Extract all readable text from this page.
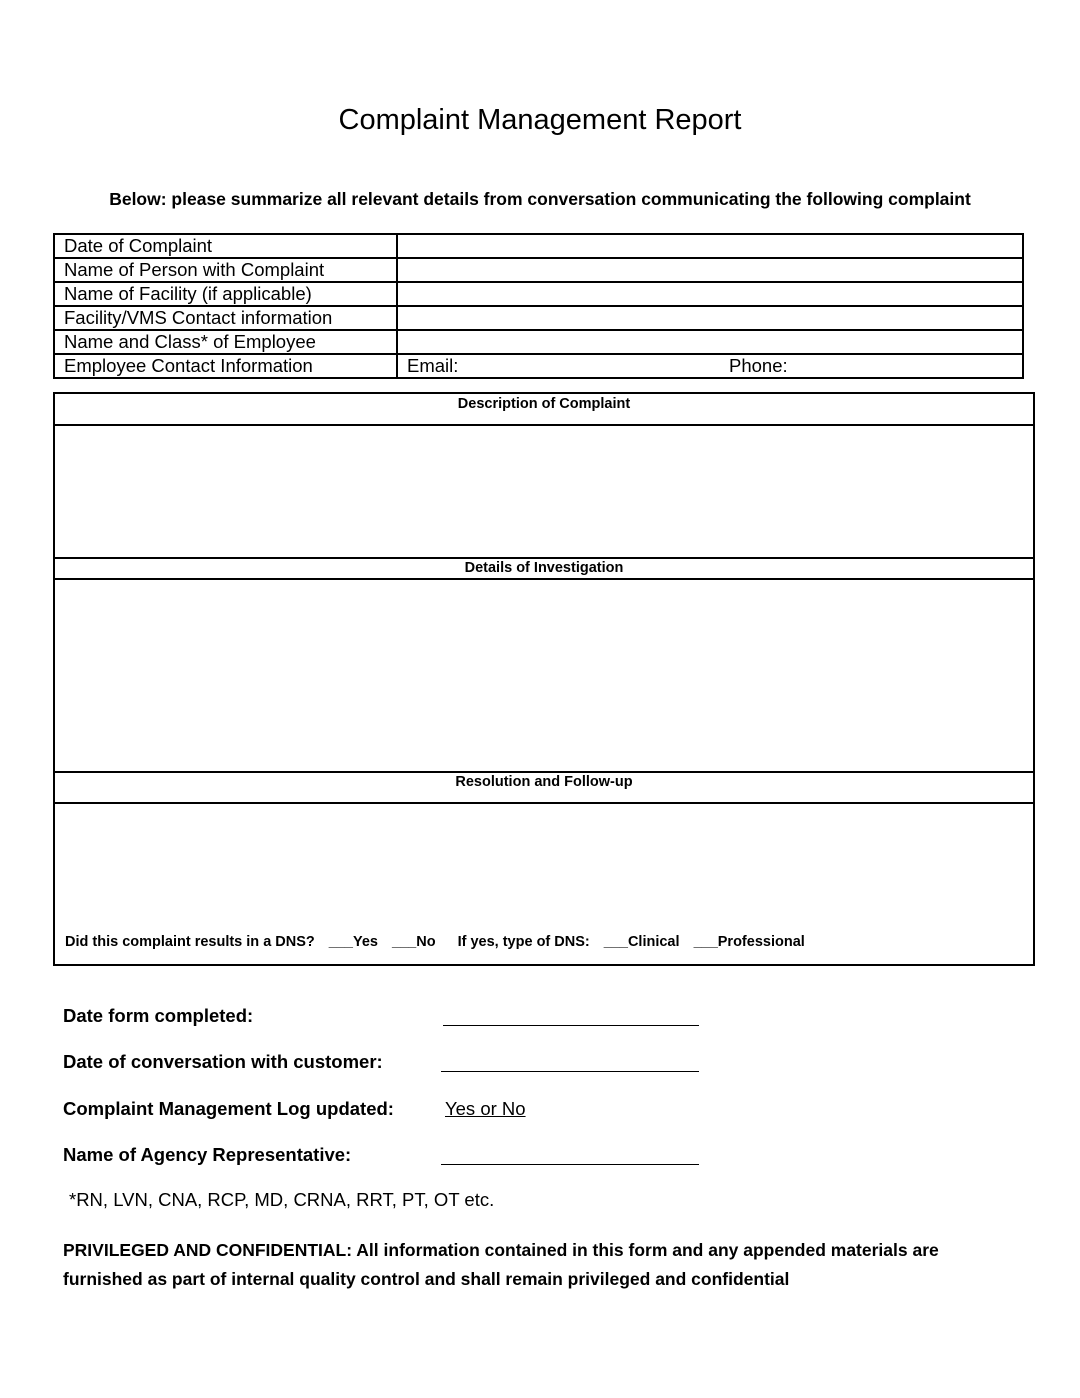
Complaint Management Report
Below: please summarize all relevant details from conversation communicating the following complaint
Date of Complaint	
Name of Person with Complaint	
Name of Facility (if applicable)	
Facility/VMS Contact information	
Name and Class* of Employee	
Employee Contact Information	Email: Phone:
Description of Complaint
Details of Investigation
Resolution and Follow-up
Did this complaint results in a DNS? ___Yes ___No If yes, type of DNS: ___Clinical ___Professional
Date form completed:
Date of conversation with customer:
Complaint Management Log updated:	Yes or No
Name of Agency Representative:
*RN, LVN, CNA, RCP, MD, CRNA, RRT, PT, OT etc.
PRIVILEGED AND CONFIDENTIAL: All information contained in this form and any appended materials are furnished as part of internal quality control and shall remain privileged and confidential
